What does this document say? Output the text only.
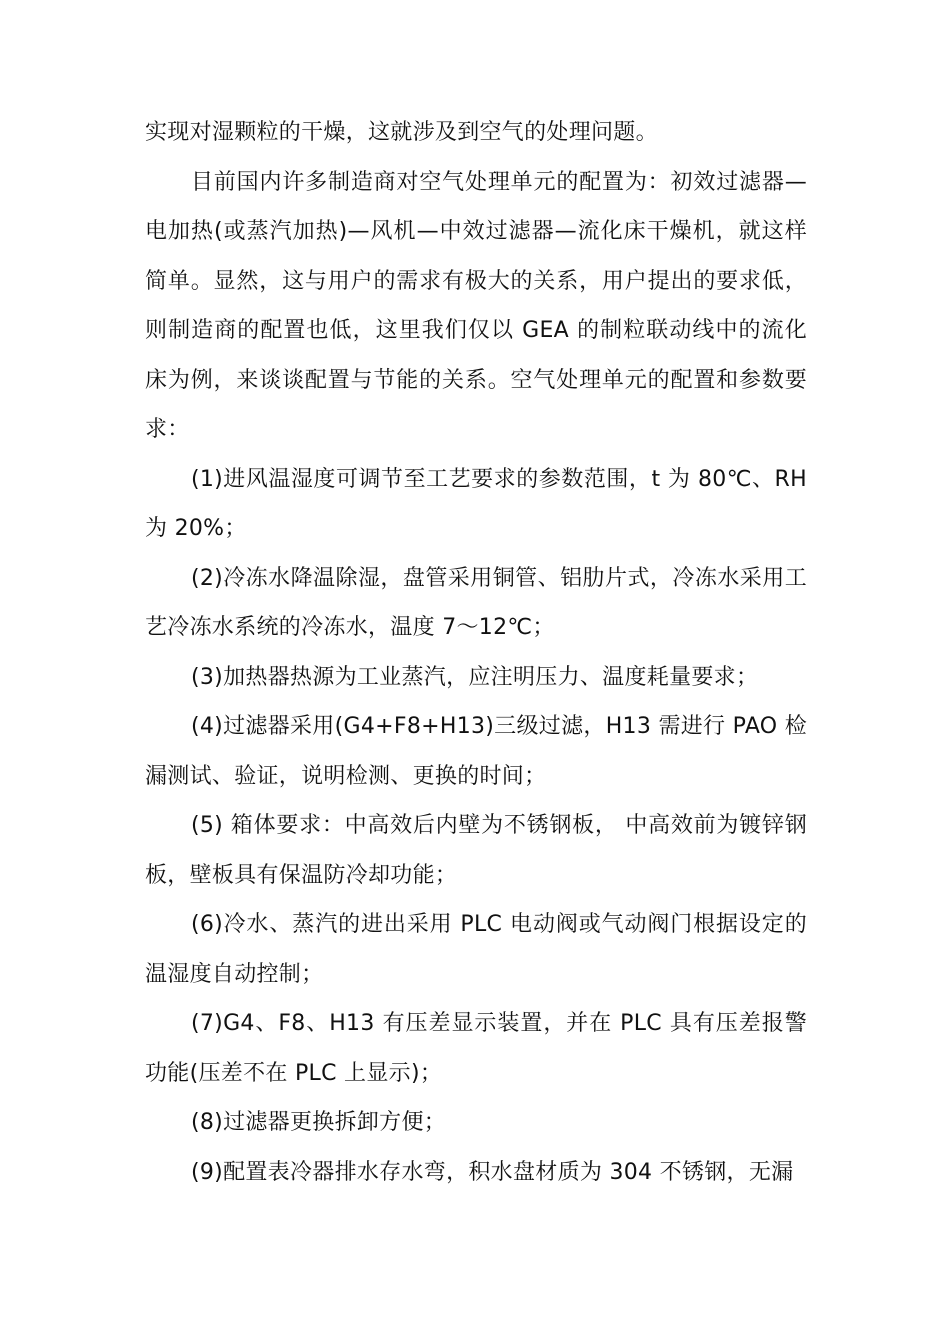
实现对湿颗粒的干燥，这就涉及到空气的处理问题。

目前国内许多制造商对空气处理单元的配置为：初效过滤器—电加热(或蒸汽加热)—风机—中效过滤器—流化床干燥机，就这样简单。显然，这与用户的需求有极大的关系，用户提出的要求低，则制造商的配置也低，这里我们仅以 GEA 的制粒联动线中的流化床为例，来谈谈配置与节能的关系。空气处理单元的配置和参数要求：

(1)进风温湿度可调节至工艺要求的参数范围，t 为 80℃、RH 为 20%；

(2)冷冻水降温除湿，盘管采用铜管、铝肋片式，冷冻水采用工艺冷冻水系统的冷冻水，温度 7～12℃；

(3)加热器热源为工业蒸汽，应注明压力、温度耗量要求；

(4)过滤器采用(G4+F8+H13)三级过滤，H13 需进行 PAO 检漏测试、验证，说明检测、更换的时间；

(5) 箱体要求：中高效后内壁为不锈钢板， 中高效前为镀锌钢板，壁板具有保温防冷却功能；

(6)冷水、蒸汽的进出采用 PLC 电动阀或气动阀门根据设定的温湿度自动控制；

(7)G4、F8、H13 有压差显示装置，并在 PLC 具有压差报警功能(压差不在 PLC 上显示)；

(8)过滤器更换拆卸方便；

(9)配置表冷器排水存水弯，积水盘材质为 304 不锈钢，无漏
